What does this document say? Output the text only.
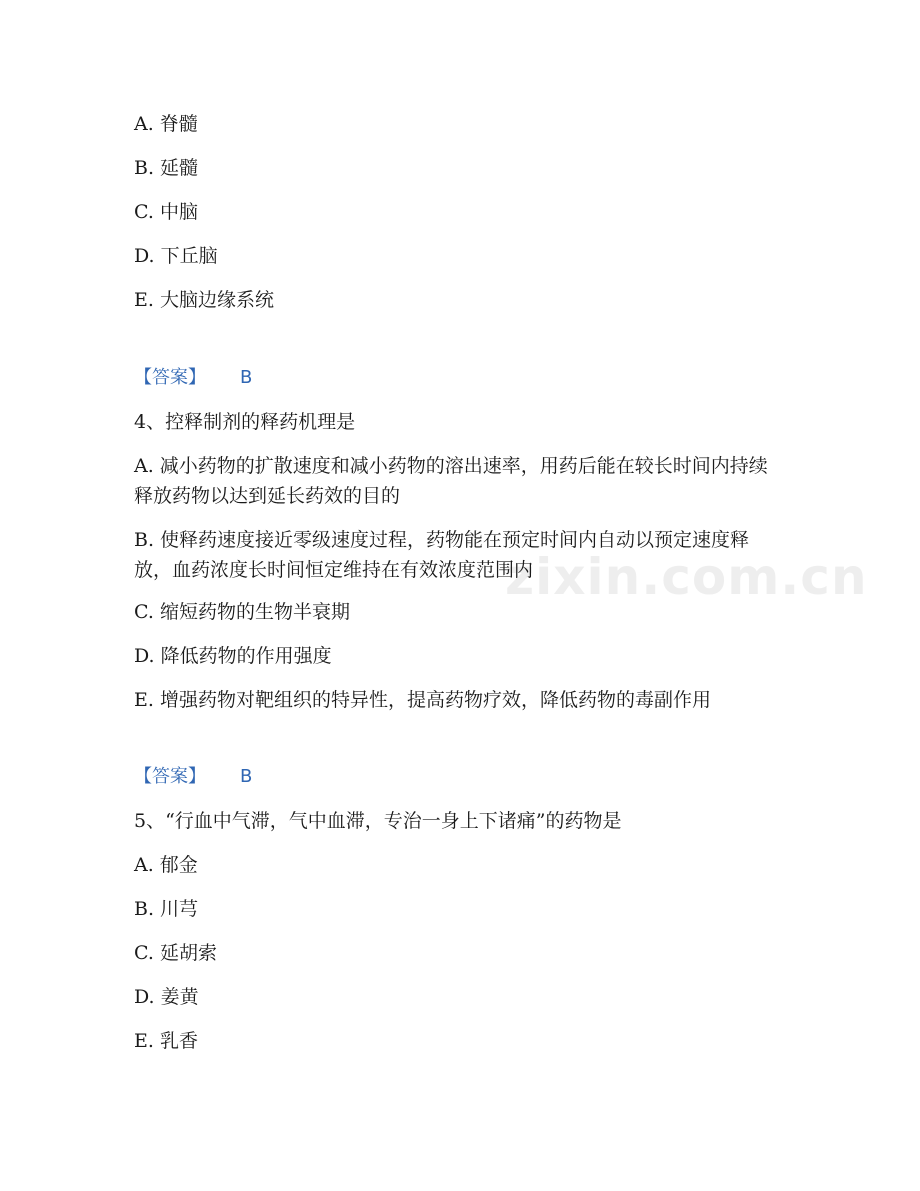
zixin.com.cn
A. 脊髓
B. 延髓
C. 中脑
D. 下丘脑
E. 大脑边缘系统
【答案】 B
4、控释制剂的释药机理是
A. 减小药物的扩散速度和减小药物的溶出速率，用药后能在较长时间内持续释放药物以达到延长药效的目的
B. 使释药速度接近零级速度过程，药物能在预定时间内自动以预定速度释放，血药浓度长时间恒定维持在有效浓度范围内
C. 缩短药物的生物半衰期
D. 降低药物的作用强度
E. 增强药物对靶组织的特异性，提高药物疗效，降低药物的毒副作用
【答案】 B
5、“行血中气滞，气中血滞，专治一身上下诸痛”的药物是
A. 郁金
B. 川芎
C. 延胡索
D. 姜黄
E. 乳香
